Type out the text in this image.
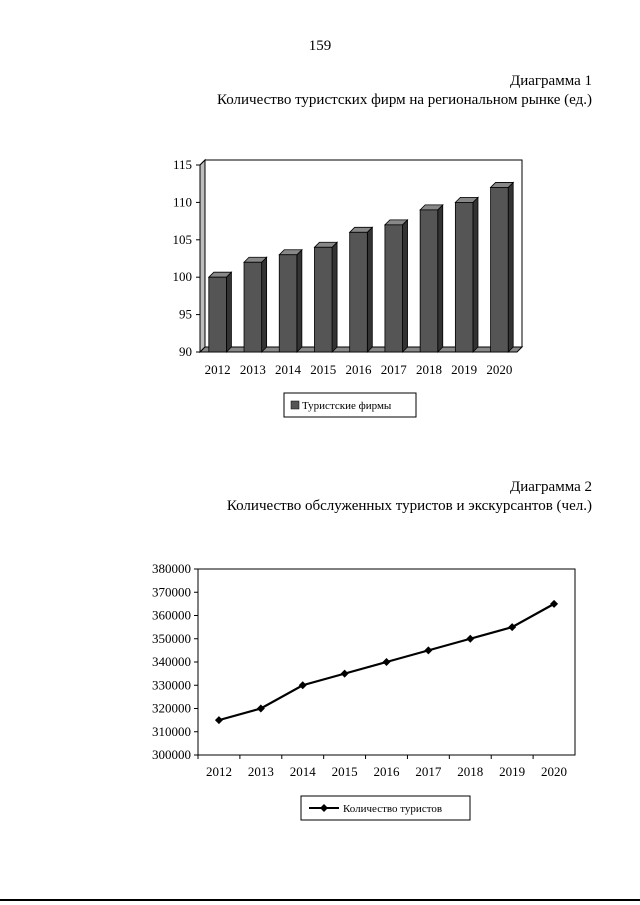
159
Диаграмма 1
Количество туристских фирм на региональном рынке (ед.)
90
95
100
105
110
115
2012 2013 2014 2015 2016 2017 2018 2019 2020
Туристские фирмы
Диаграмма 2
Количество обслуженных туристов и экскурсантов (чел.)
300000
310000
320000
330000
340000
350000
360000
370000
380000
2012 2013 2014 2015 2016 2017 2018 2019 2020
Количество туристов
